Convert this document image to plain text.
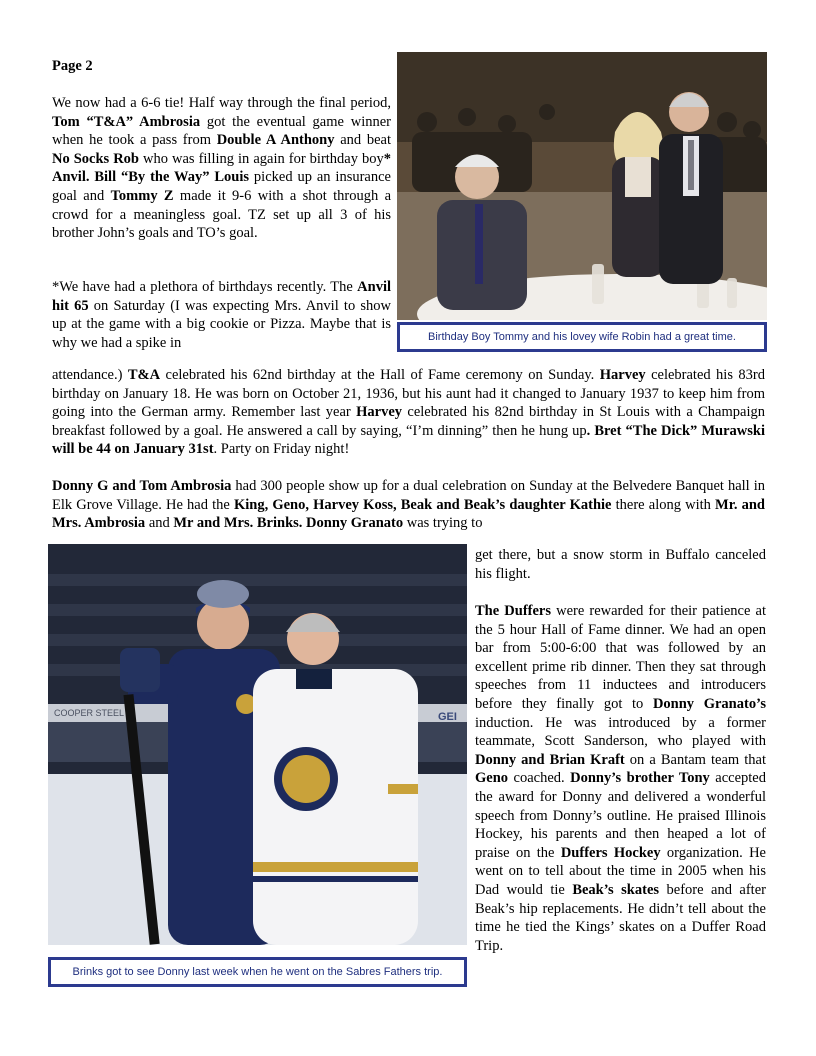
Page 2

We now had a 6-6 tie! Half way through the final period, Tom “T&A” Ambrosia got the eventual game winner when he took a pass from Double A Anthony and beat No Socks Rob who was filling in again for birthday boy* Anvil. Bill “By the Way” Louis picked up an insurance goal and Tommy Z made it 9-6 with a shot through a crowd for a meaningless goal. TZ set up all 3 of his brother John’s goals and TO’s goal.

*We have had a plethora of birthdays recently. The Anvil hit 65 on Saturday (I was expecting Mrs. Anvil to show up at the game with a big cookie or Pizza. Maybe that is why we had a spike in

attendance.) T&A celebrated his 62nd birthday at the Hall of Fame ceremony on Sunday. Harvey celebrated his 83rd birthday on January 18. He was born on October 21, 1936, but his aunt had it changed to January 1937 to keep him from going into the German army. Remember last year Harvey celebrated his 82nd birthday in St Louis with a Champaign breakfast followed by a goal. He answered a call by saying, “I’m dinning” then he hung up. Bret “The Dick” Murawski will be 44 on January 31st. Party on Friday night!

Donny G and Tom Ambrosia had 300 people show up for a dual celebration on Sunday at the Belvedere Banquet hall in Elk Grove Village. He had the King, Geno, Harvey Koss, Beak and Beak’s daughter Kathie there along with Mr. and Mrs. Ambrosia and Mr and Mrs. Brinks. Donny Granato was trying to

get there, but a snow storm in Buffalo canceled his flight.

The Duffers were rewarded for their patience at the 5 hour Hall of Fame dinner. We had an open bar from 5:00-6:00 that was followed by an excellent prime rib dinner. Then they sat through speeches from 11 inductees and introducers before they finally got to Donny Granato’s induction. He was introduced by a former teammate, Scott Sanderson, who played with Donny and Brian Kraft on a Bantam team that Geno coached. Donny’s brother Tony accepted the award for Donny and delivered a wonderful speech from Donny’s outline. He praised Illinois Hockey, his parents and then heaped a lot of praise on the Duffers Hockey organization. He went on to tell about the time in 2005 when his Dad would tie Beak’s skates before and after Beak’s hip replacements. He didn’t tell about the time he tied the Kings’ skates on a Duffer Road Trip.

Birthday Boy Tommy and his lovey wife Robin had a great time.
COOPER STEEL	GEI
Brinks got to see Donny last week when he went on the Sabres Fathers trip.
